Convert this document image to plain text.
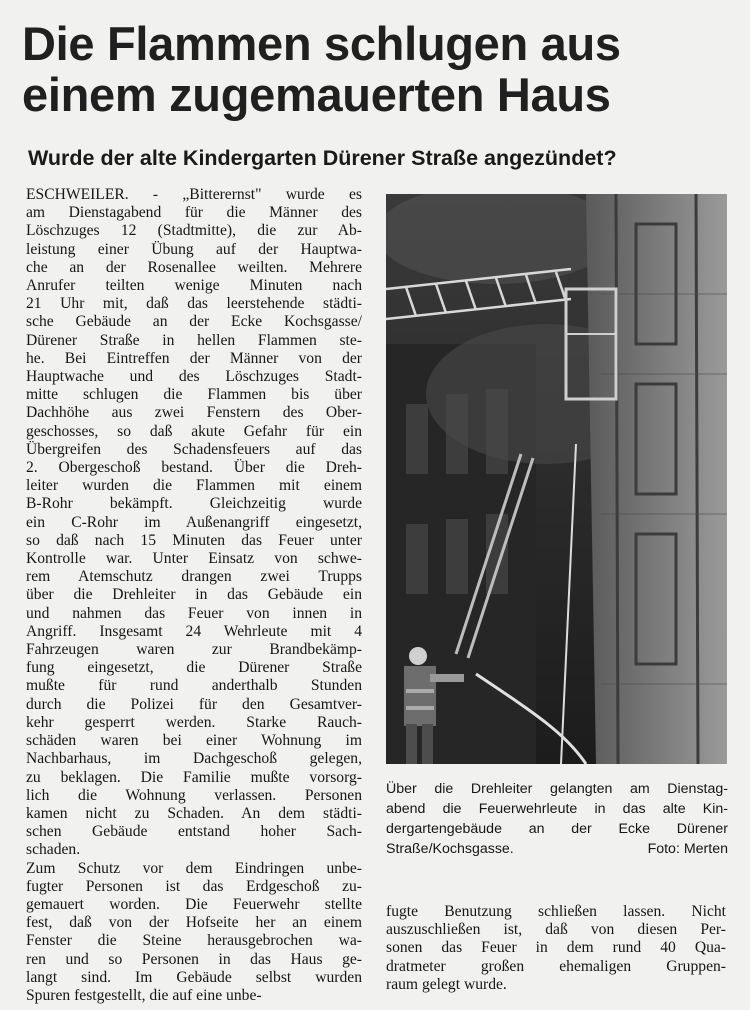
Die Flammen schlugen aus
einem zugemauerten Haus
Wurde der alte Kindergarten Dürener Straße angezündet?
ESCHWEILER. - „Bitterernst" wurde es
am Dienstagabend für die Männer des
Löschzuges 12 (Stadtmitte), die zur Ab-
leistung einer Übung auf der Hauptwa-
che an der Rosenallee weilten. Mehrere
Anrufer teilten wenige Minuten nach
21 Uhr mit, daß das leerstehende städti-
sche Gebäude an der Ecke Kochsgasse/
Dürener Straße in hellen Flammen ste-
he. Bei Eintreffen der Männer von der
Hauptwache und des Löschzuges Stadt-
mitte schlugen die Flammen bis über
Dachhöhe aus zwei Fenstern des Ober-
geschosses, so daß akute Gefahr für ein
Übergreifen des Schadensfeuers auf das
2. Obergeschoß bestand. Über die Dreh-
leiter wurden die Flammen mit einem
B-Rohr bekämpft. Gleichzeitig wurde
ein C-Rohr im Außenangriff eingesetzt,
so daß nach 15 Minuten das Feuer unter
Kontrolle war. Unter Einsatz von schwe-
rem Atemschutz drangen zwei Trupps
über die Drehleiter in das Gebäude ein
und nahmen das Feuer von innen in
Angriff. Insgesamt 24 Wehrleute mit 4
Fahrzeugen waren zur Brandbekämp-
fung eingesetzt, die Dürener Straße
mußte für rund anderthalb Stunden
durch die Polizei für den Gesamtver-
kehr gesperrt werden. Starke Rauch-
schäden waren bei einer Wohnung im
Nachbarhaus, im Dachgeschoß gelegen,
zu beklagen. Die Familie mußte vorsorg-
lich die Wohnung verlassen. Personen
kamen nicht zu Schaden. An dem städti-
schen Gebäude entstand hoher Sach-
schaden.
Zum Schutz vor dem Eindringen unbe-
fugter Personen ist das Erdgeschoß zu-
gemauert worden. Die Feuerwehr stellte
fest, daß von der Hofseite her an einem
Fenster die Steine herausgebrochen wa-
ren und so Personen in das Haus ge-
langt sind. Im Gebäude selbst wurden
Spuren festgestellt, die auf eine unbe-
Über die Drehleiter gelangten am Dienstag-
abend die Feuerwehrleute in das alte Kin-
dergartengebäude an der Ecke Dürener
Straße/Kochsgasse.	Foto: Merten
fugte Benutzung schließen lassen. Nicht
auszuschließen ist, daß von diesen Per-
sonen das Feuer in dem rund 40 Qua-
dratmeter großen ehemaligen Gruppen-
raum gelegt wurde.
